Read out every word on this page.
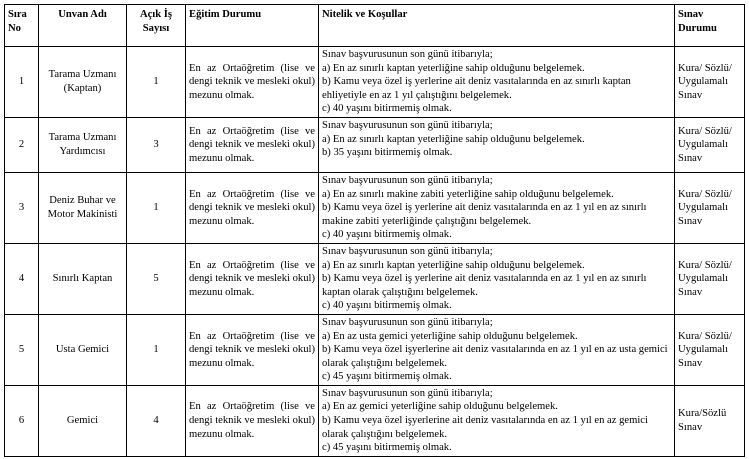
Sıra No	Unvan Adı	Açık İş Sayısı	Eğitim Durumu	Nitelik ve Koşullar	Sınav Durumu
1	Tarama Uzmanı (Kaptan)	1	En az Ortaöğretim (lise ve dengi teknik ve mesleki okul) mezunu olmak.	Sınav başvurusunun son günü itibarıyla;
a) En az sınırlı kaptan yeterliğine sahip olduğunu belgelemek.
b) Kamu veya özel iş yerlerine ait deniz vasıtalarında en az sınırlı kaptan ehliyetiyle en az 1 yıl çalıştığını belgelemek.
c) 40 yaşını bitirmemiş olmak.	Kura/ Sözlü/ Uygulamalı Sınav
2	Tarama Uzmanı Yardımcısı	3	En az Ortaöğretim (lise ve dengi teknik ve mesleki okul) mezunu olmak.	Sınav başvurusunun son günü itibarıyla;
a) En az sınırlı kaptan yeterliğine sahip olduğunu belgelemek.
b) 35 yaşını bitirmemiş olmak.	Kura/ Sözlü/ Uygulamalı Sınav
3	Deniz Buhar ve Motor Makinisti	1	En az Ortaöğretim (lise ve dengi teknik ve mesleki okul) mezunu olmak.	Sınav başvurusunun son günü itibarıyla;
a) En az sınırlı makine zabiti yeterliğine sahip olduğunu belgelemek.
b) Kamu veya özel iş yerlerine ait deniz vasıtalarında en az 1 yıl en az sınırlı makine zabiti yeterliğinde çalıştığını belgelemek.
c) 40 yaşını bitirmemiş olmak.	Kura/ Sözlü/ Uygulamalı Sınav
4	Sınırlı Kaptan	5	En az Ortaöğretim (lise ve dengi teknik ve mesleki okul) mezunu olmak.	Sınav başvurusunun son günü itibarıyla;
a) En az sınırlı kaptan yeterliğine sahip olduğunu belgelemek.
b) Kamu veya özel iş yerlerine ait deniz vasıtalarında en az 1 yıl en az sınırlı kaptan olarak çalıştığını belgelemek.
c) 40 yaşını bitirmemiş olmak.	Kura/ Sözlü/ Uygulamalı Sınav
5	Usta Gemici	1	En az Ortaöğretim (lise ve dengi teknik ve mesleki okul) mezunu olmak.	Sınav başvurusunun son günü itibarıyla;
a) En az usta gemici yeterliğine sahip olduğunu belgelemek.
b) Kamu veya özel işyerlerine ait deniz vasıtalarında en az 1 yıl en az usta gemici olarak çalıştığını belgelemek.
c) 45 yaşını bitirmemiş olmak.	Kura/ Sözlü/ Uygulamalı Sınav
6	Gemici	4	En az Ortaöğretim (lise ve dengi teknik ve mesleki okul) mezunu olmak.	Sınav başvurusunun son günü itibarıyla;
a) En az gemici yeterliğine sahip olduğunu belgelemek.
b) Kamu veya özel işyerlerine ait deniz vasıtalarında en az 1 yıl en az gemici olarak çalıştığını belgelemek.
c) 45 yaşını bitirmemiş olmak.	Kura/Sözlü Sınav
